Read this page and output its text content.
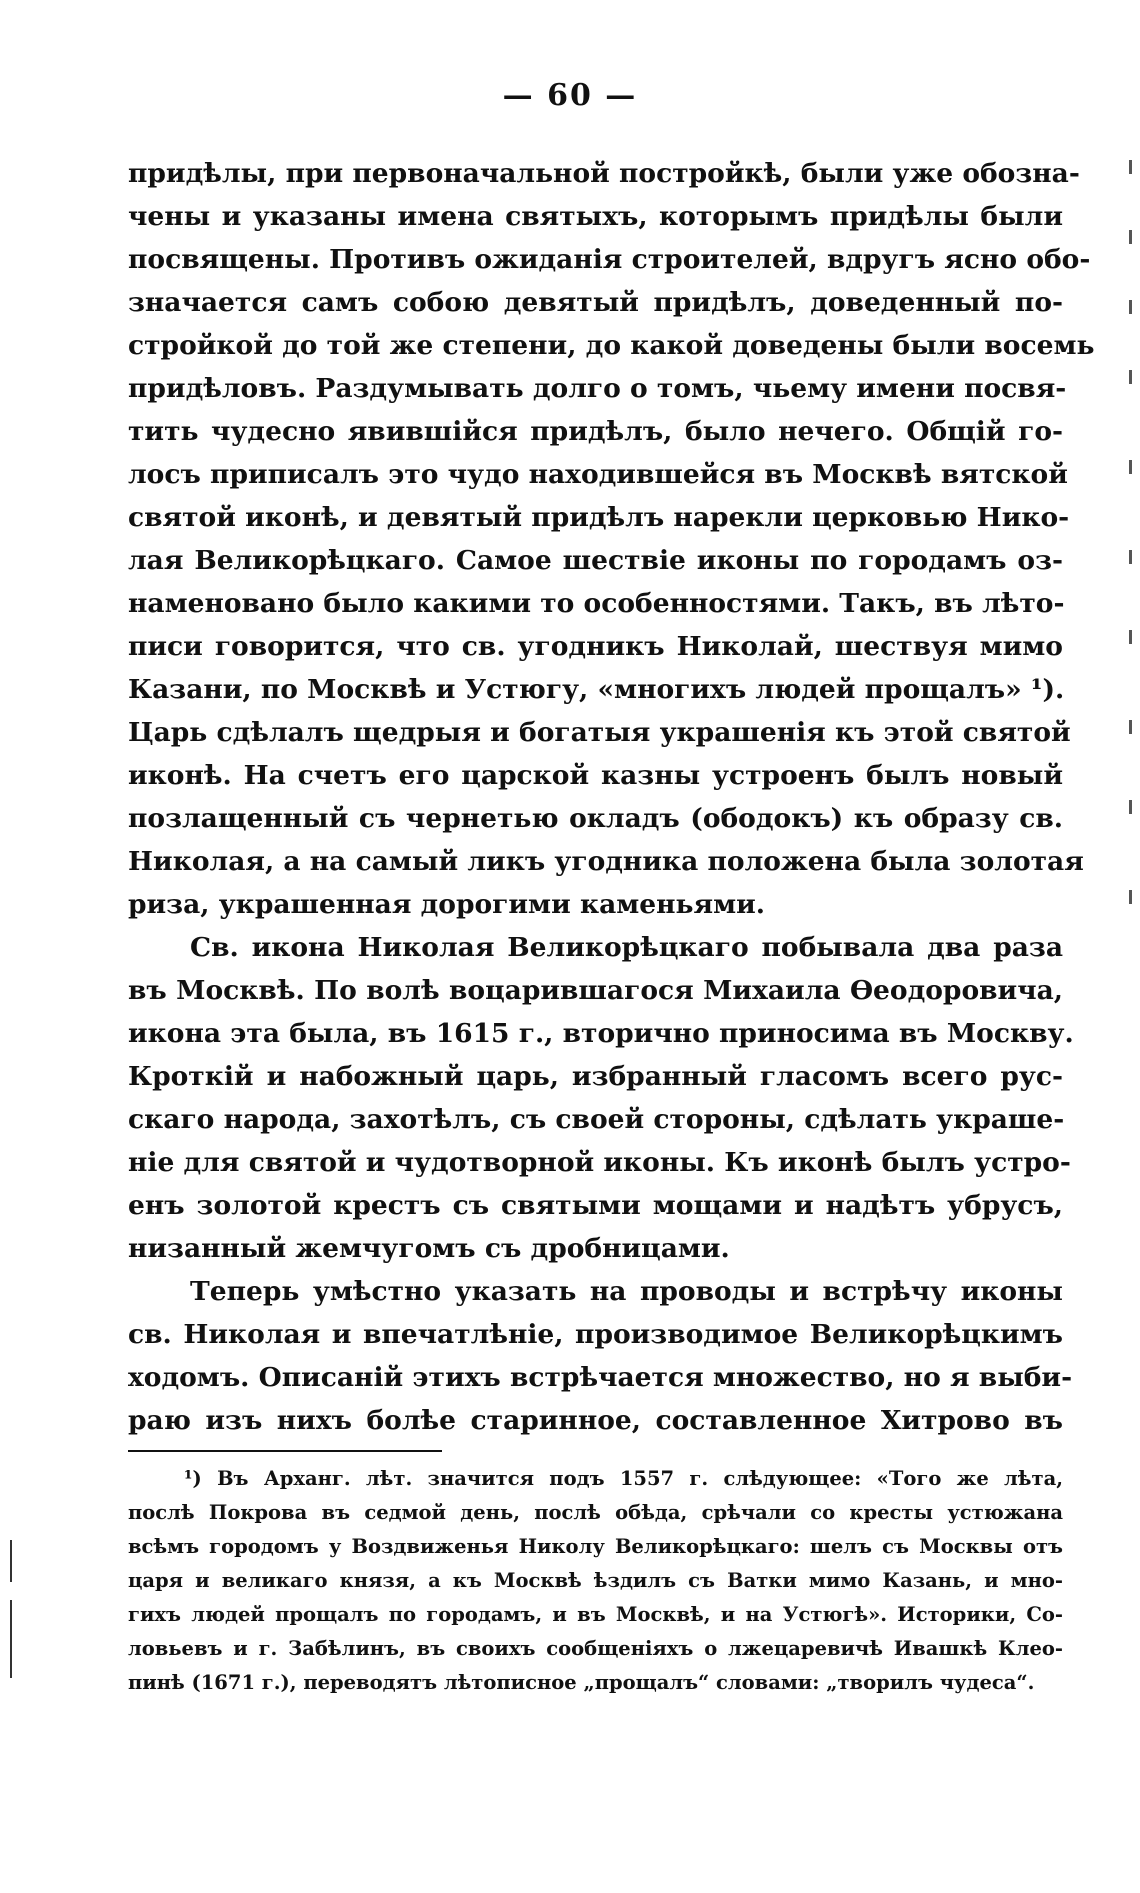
— 60 —
придѣлы, при первоначальной постройкѣ, были уже обозна-
чены и указаны имена святыхъ, которымъ придѣлы были
посвящены. Противъ ожиданія строителей, вдругъ ясно обо-
значается самъ собою девятый придѣлъ, доведенный по-
стройкой до той же степени, до какой доведены были восемь
придѣловъ. Раздумывать долго о томъ, чьему имени посвя-
тить чудесно явившійся придѣлъ, было нечего. Общій го-
лосъ приписалъ это чудо находившейся въ Москвѣ вятской
святой иконѣ, и девятый придѣлъ нарекли церковью Нико-
лая Великорѣцкаго. Самое шествіе иконы по городамъ оз-
наменовано было какими то особенностями. Такъ, въ лѣто-
писи говорится, что св. угодникъ Николай, шествуя мимо
Казани, по Москвѣ и Устюгу, «многихъ людей прощалъ» ¹).
Царь сдѣлалъ щедрыя и богатыя украшенія къ этой святой
иконѣ. На счетъ его царской казны устроенъ былъ новый
позлащенный съ чернетью окладъ (ободокъ) къ образу св.
Николая, а на самый ликъ угодника положена была золотая
риза, украшенная дорогими каменьями.
Св. икона Николая Великорѣцкаго побывала два раза
въ Москвѣ. По волѣ воцарившагося Михаила Ѳеодоровича,
икона эта была, въ 1615 г., вторично приносима въ Москву.
Кроткій и набожный царь, избранный гласомъ всего рус-
скаго народа, захотѣлъ, съ своей стороны, сдѣлать украше-
ніе для святой и чудотворной иконы. Къ иконѣ былъ устро-
енъ золотой крестъ съ святыми мощами и надѣтъ убрусъ,
низанный жемчугомъ съ дробницами.
Теперь умѣстно указать на проводы и встрѣчу иконы
св. Николая и впечатлѣніе, производимое Великорѣцкимъ
ходомъ. Описаній этихъ встрѣчается множество, но я выби-
раю изъ нихъ болѣе старинное, составленное Хитрово въ
¹) Въ Арханг. лѣт. значится подъ 1557 г. слѣдующее: «Того же лѣта,
послѣ Покрова въ седмой день, послѣ обѣда, срѣчали со кресты устюжана
всѣмъ городомъ у Воздвиженья Николу Великорѣцкаго: шелъ съ Москвы отъ
царя и великаго князя, а къ Москвѣ ѣздилъ съ Ватки мимо Казань, и мно-
гихъ людей прощалъ по городамъ, и въ Москвѣ, и на Устюгѣ». Историки, Со-
ловьевъ и г. Забѣлинъ, въ своихъ сообщеніяхъ о лжецаревичѣ Ивашкѣ Клео-
пинѣ (1671 г.), переводятъ лѣтописное „прощалъ“ словами: „творилъ чудеса“.
